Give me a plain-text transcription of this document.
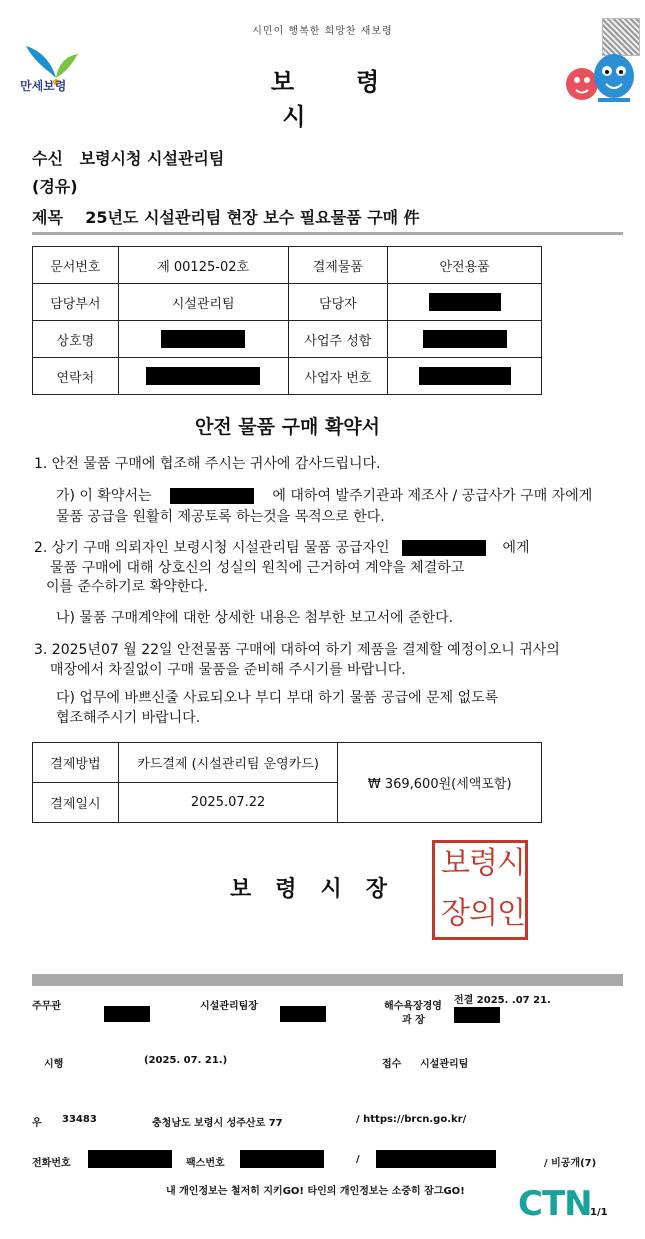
시민이 행복한 희망찬 새보령
만세보령	보령시
수신 보령시청 시설관리팀
(경유)
제목 25년도 시설관리팀 현장 보수 필요물품 구매 件
문서번호	제 00125-02호	결제물품	안전용품
담당부서	시설관리팀	담당자	
상호명		사업주 성함	
연락처		사업자 번호	
안전 물품 구매 확약서
1. 안전 물품 구매에 협조해 주시는 귀사에 감사드립니다.
가) 이 확약서는	에 대하여 발주기관과 제조사 / 공급사가 구매 자에게
물품 공급을 원활히 제공토록 하는것을 목적으로 한다.
2. 상기 구매 의뢰자인 보령시청 시설관리팀 물품 공급자인	에게
물품 구매에 대해 상호신의 성실의 원칙에 근거하여 계약을 체결하고
이를 준수하기로 확약한다.
나) 물품 구매계약에 대한 상세한 내용은 첨부한 보고서에 준한다.
3. 2025년07 월 22일 안전물품 구매에 대하여 하기 제품을 결제할 예정이오니 귀사의
매장에서 차질없이 구매 물품을 준비해 주시기를 바랍니다.
다) 업무에 바쁘신줄 사료되오나 부디 부대 하기 물품 공급에 문제 없도록
협조해주시기 바랍니다.
결제방법	카드결제 (시설관리팀 운영카드)	₩ 369,600원(세액포함)
결제일시	2025.07.22	
보　령　시　장
보 령 시
장 의 인
주무관	시설관리팀장	해수욕장경영
과 장
전결 2025. .07 21.
시행	(2025. 07. 21.)	접수 시설관리팀
우 33483	충청남도 보령시 성주산로 77	/ https://brcn.go.kr/
전화번호	팩스번호	/	/ 비공개(7)
내 개인정보는 철저히 지키GO! 타인의 개인정보는 소중히 잠그GO! CTN
1/1
